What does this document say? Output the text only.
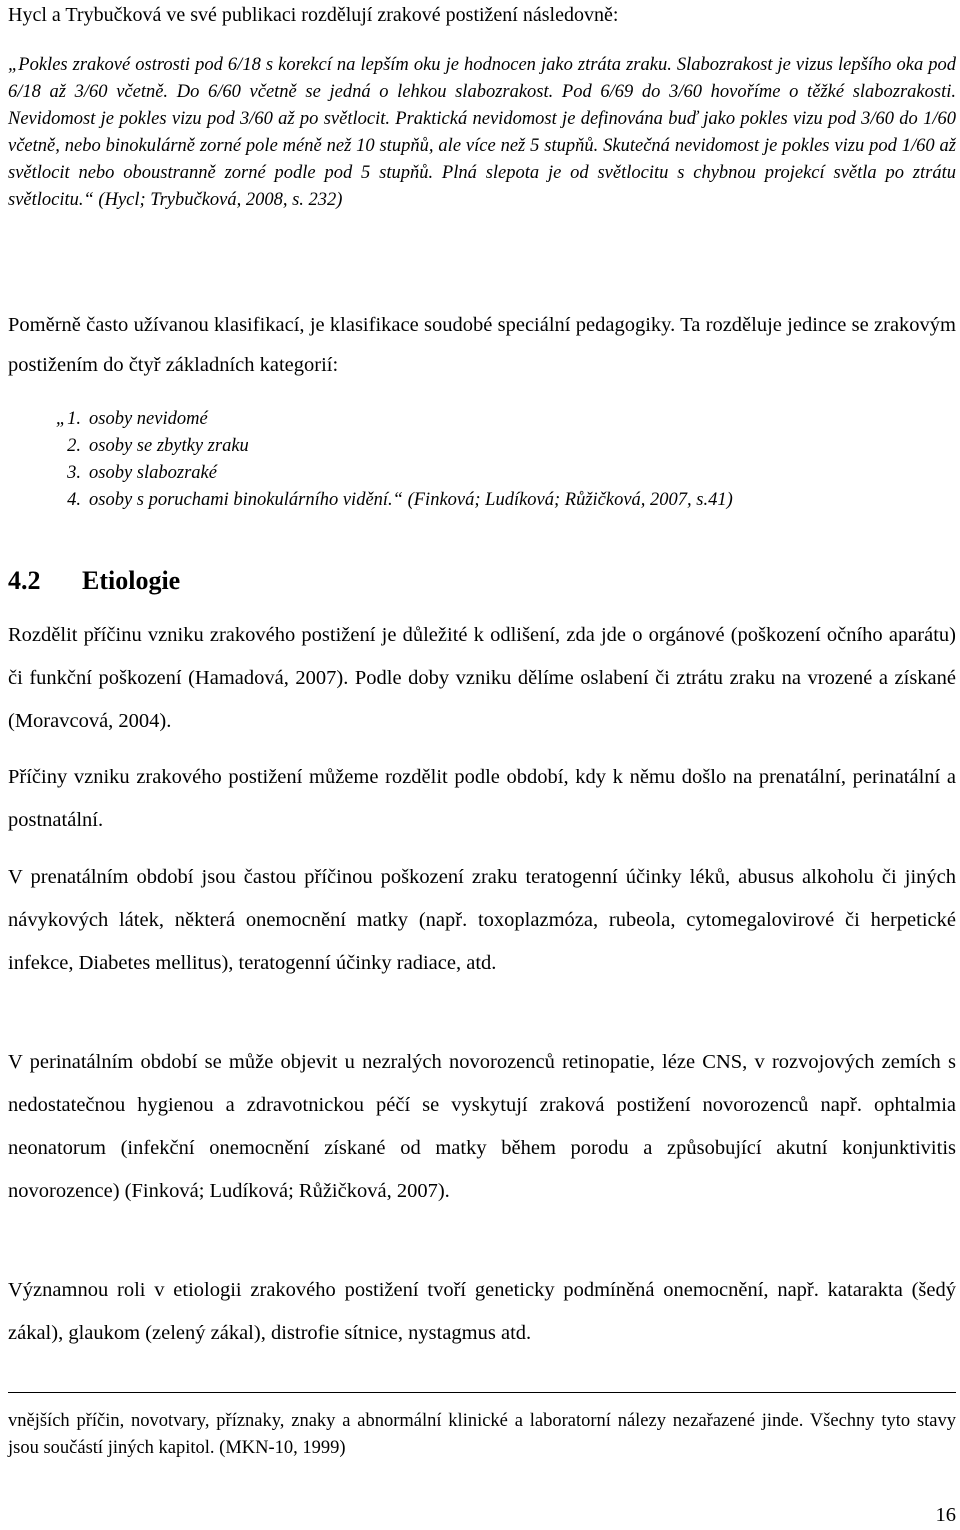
Hycl a Trybučková ve své publikaci rozdělují zrakové postižení následovně:
„Pokles zrakové ostrosti pod 6/18 s korekcí na lepším oku je hodnocen jako ztráta zraku. Slabozrakost je vizus lepšího oka pod 6/18 až 3/60 včetně. Do 6/60 včetně se jedná o lehkou slabozrakost. Pod 6/69 do 3/60 hovoříme o těžké slabozrakosti. Nevidomost je pokles vizu pod 3/60 až po světlocit. Praktická nevidomost je definována buď jako pokles vizu pod 3/60 do 1/60 včetně, nebo binokulárně zorné pole méně než 10 stupňů, ale více než 5 stupňů. Skutečná nevidomost je pokles vizu pod 1/60 až světlocit nebo oboustranně zorné podle pod 5 stupňů. Plná slepota je od světlocitu s chybnou projekcí světla po ztrátu světlocitu.“ (Hycl; Trybučková, 2008, s. 232)
Poměrně často užívanou klasifikací, je klasifikace soudobé speciální pedagogiky. Ta rozděluje jedince se zrakovým postižením do čtyř základních kategorií:
„1. osoby nevidomé
2. osoby se zbytky zraku
3. osoby slabozraké
4. osoby s poruchami binokulárního vidění.“ (Finková; Ludíková; Růžičková, 2007, s.41)
4.2 Etiologie
Rozdělit příčinu vzniku zrakového postižení je důležité k odlišení, zda jde o orgánové (poškození očního aparátu) či funkční poškození (Hamadová, 2007). Podle doby vzniku dělíme oslabení či ztrátu zraku na vrozené a získané (Moravcová, 2004).
Příčiny vzniku zrakového postižení můžeme rozdělit podle období, kdy k němu došlo na prenatální, perinatální a postnatální.
V prenatálním období jsou častou příčinou poškození zraku teratogenní účinky léků, abusus alkoholu či jiných návykových látek, některá onemocnění matky (např. toxoplazmóza, rubeola, cytomegalovirové či herpetické infekce, Diabetes mellitus), teratogenní účinky radiace, atd.
V perinatálním období se může objevit u nezralých novorozenců retinopatie, léze CNS, v rozvojových zemích s nedostatečnou hygienou a zdravotnickou péčí se vyskytují zraková postižení novorozenců např. ophtalmia neonatorum (infekční onemocnění získané od matky během porodu a způsobující akutní konjunktivitis novorozence) (Finková; Ludíková; Růžičková, 2007).
Významnou roli v etiologii zrakového postižení tvoří geneticky podmíněná onemocnění, např. katarakta (šedý zákal), glaukom (zelený zákal), distrofie sítnice, nystagmus atd.
vnějších příčin, novotvary, příznaky, znaky a abnormální klinické a laboratorní nálezy nezařazené jinde. Všechny tyto stavy jsou součástí jiných kapitol. (MKN-10, 1999)
16
